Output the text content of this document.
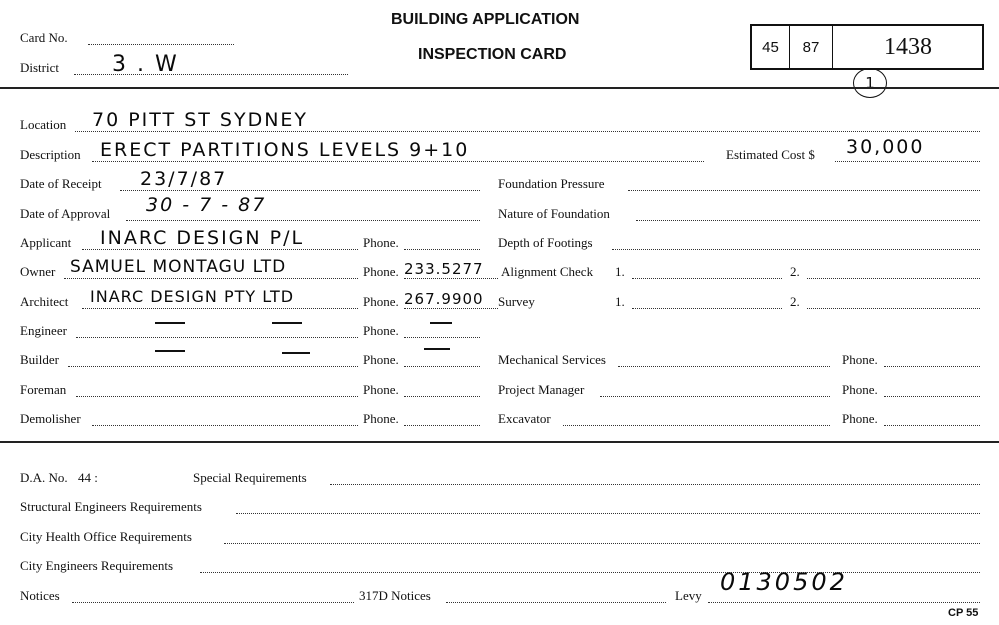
Card No.
District 3 . W
BUILDING APPLICATION
INSPECTION CARD	45	87	1438
1
Location 70 PITT ST SYDNEY
Description ERECT PARTITIONS LEVELS 9+10	Estimated Cost $ 30,000
Date of Receipt 23/7/87	Foundation Pressure
Date of Approval 30 - 7 - 87	Nature of Foundation
Applicant INARC DESIGN P/L	Phone.	Depth of Footings
Owner SAMUEL MONTAGU LTD	Phone. 233.5277 Alignment Check 1.	2.
Architect INARC DESIGN PTY LTD	Phone. 267.9900 Survey	1.	2.
Engineer	Phone.
Builder	Phone.	Mechanical Services	Phone.
Foreman	Phone.	Project Manager	Phone.
Demolisher	Phone.	Excavator	Phone.
D.A. No. 44 :	Special Requirements
Structural Engineers Requirements
City Health Office Requirements
City Engineers Requirements
Notices	317D Notices	Levy 0130502
CP 55
